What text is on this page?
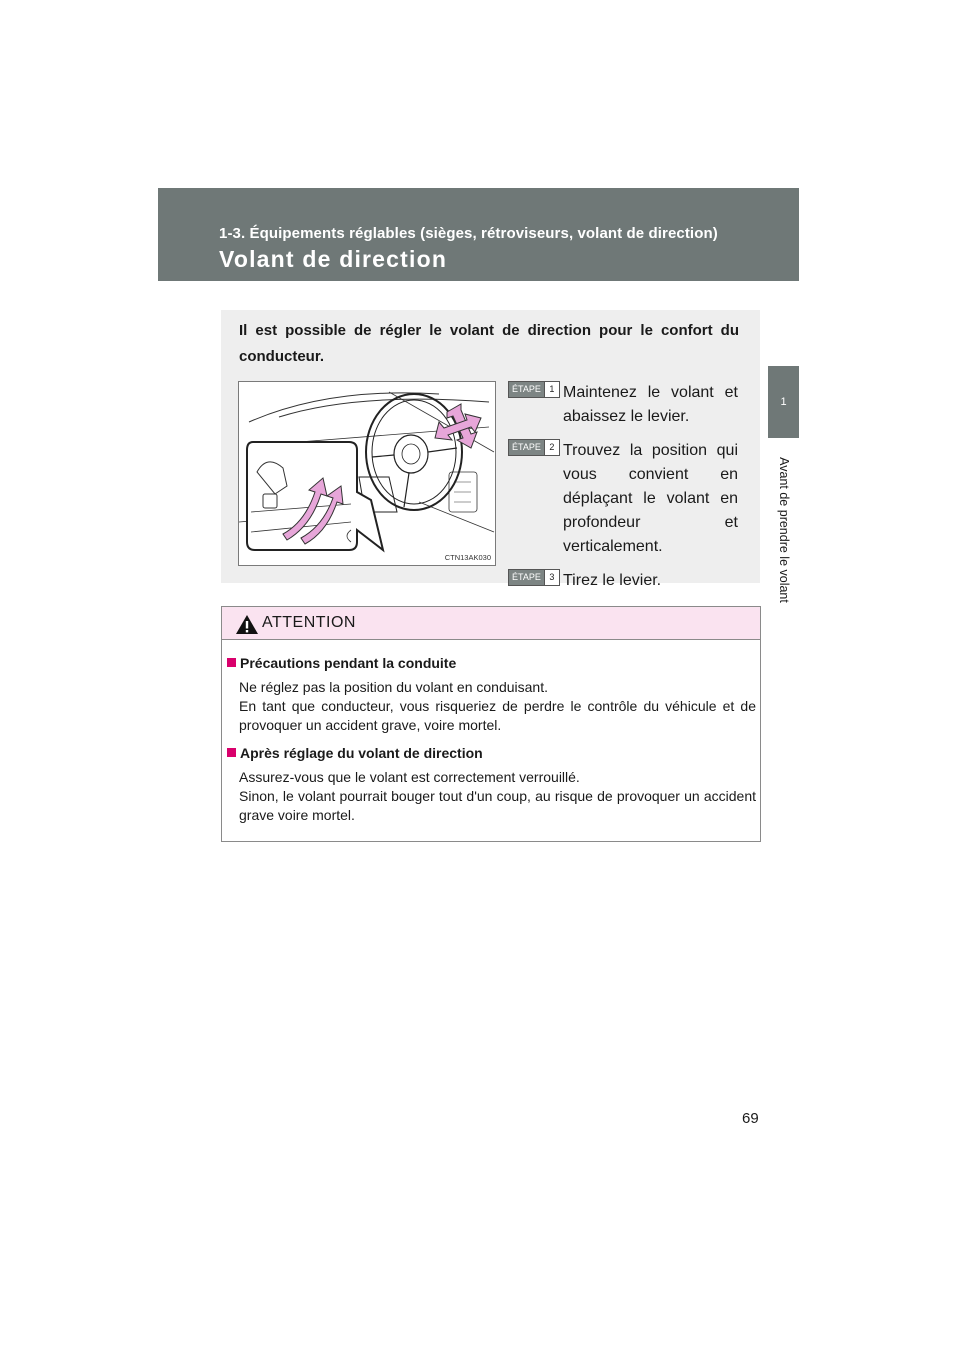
1-3. Équipements réglables (sièges, rétroviseurs, volant de direction)
Volant de direction
1
Avant de prendre le volant
Il est possible de régler le volant de direction pour le confort du conducteur.
CTN13AK030
ÉTAPE 1 Maintenez le volant et abaissez le levier.
ÉTAPE 2 Trouvez la position qui vous convient en déplaçant le volant en profondeur et verticalement.
ÉTAPE 3 Tirez le levier.
ATTENTION
Précautions pendant la conduite
Ne réglez pas la position du volant en conduisant.
En tant que conducteur, vous risqueriez de perdre le contrôle du véhicule et de provoquer un accident grave, voire mortel.
Après réglage du volant de direction
Assurez-vous que le volant est correctement verrouillé.
Sinon, le volant pourrait bouger tout d'un coup, au risque de provoquer un accident grave voire mortel.
69
